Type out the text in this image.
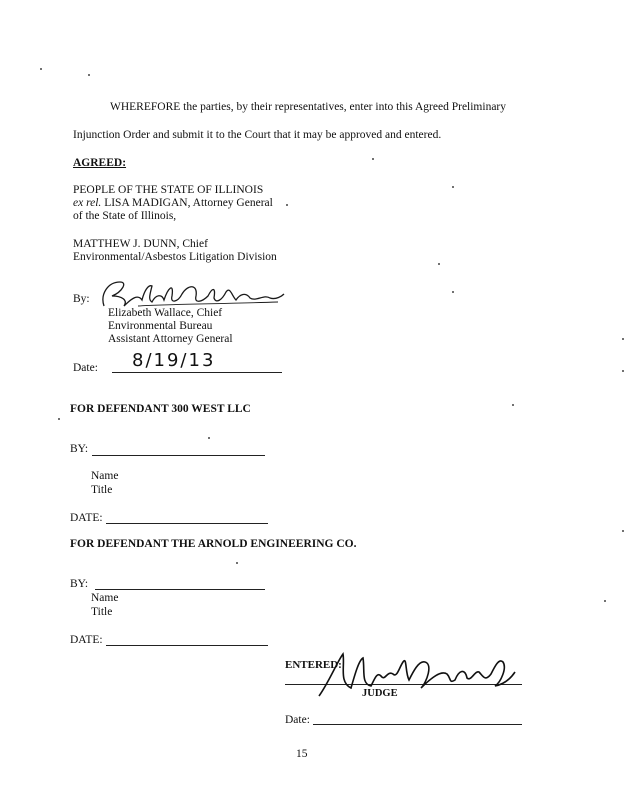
WHEREFORE the parties, by their representatives, enter into this Agreed Preliminary
Injunction Order and submit it to the Court that it may be approved and entered.
AGREED:
PEOPLE OF THE STATE OF ILLINOIS
ex rel. LISA MADIGAN, Attorney General
of the State of Illinois,
MATTHEW J. DUNN, Chief
Environmental/Asbestos Litigation Division
By:
Elizabeth Wallace, Chief
Environmental Bureau
Assistant Attorney General
Date: 8/19/13
FOR DEFENDANT 300 WEST LLC
BY:
Name
Title
DATE:
FOR DEFENDANT THE ARNOLD ENGINEERING CO.
BY:
Name
Title
DATE:
ENTERED:
JUDGE
Date:
15
